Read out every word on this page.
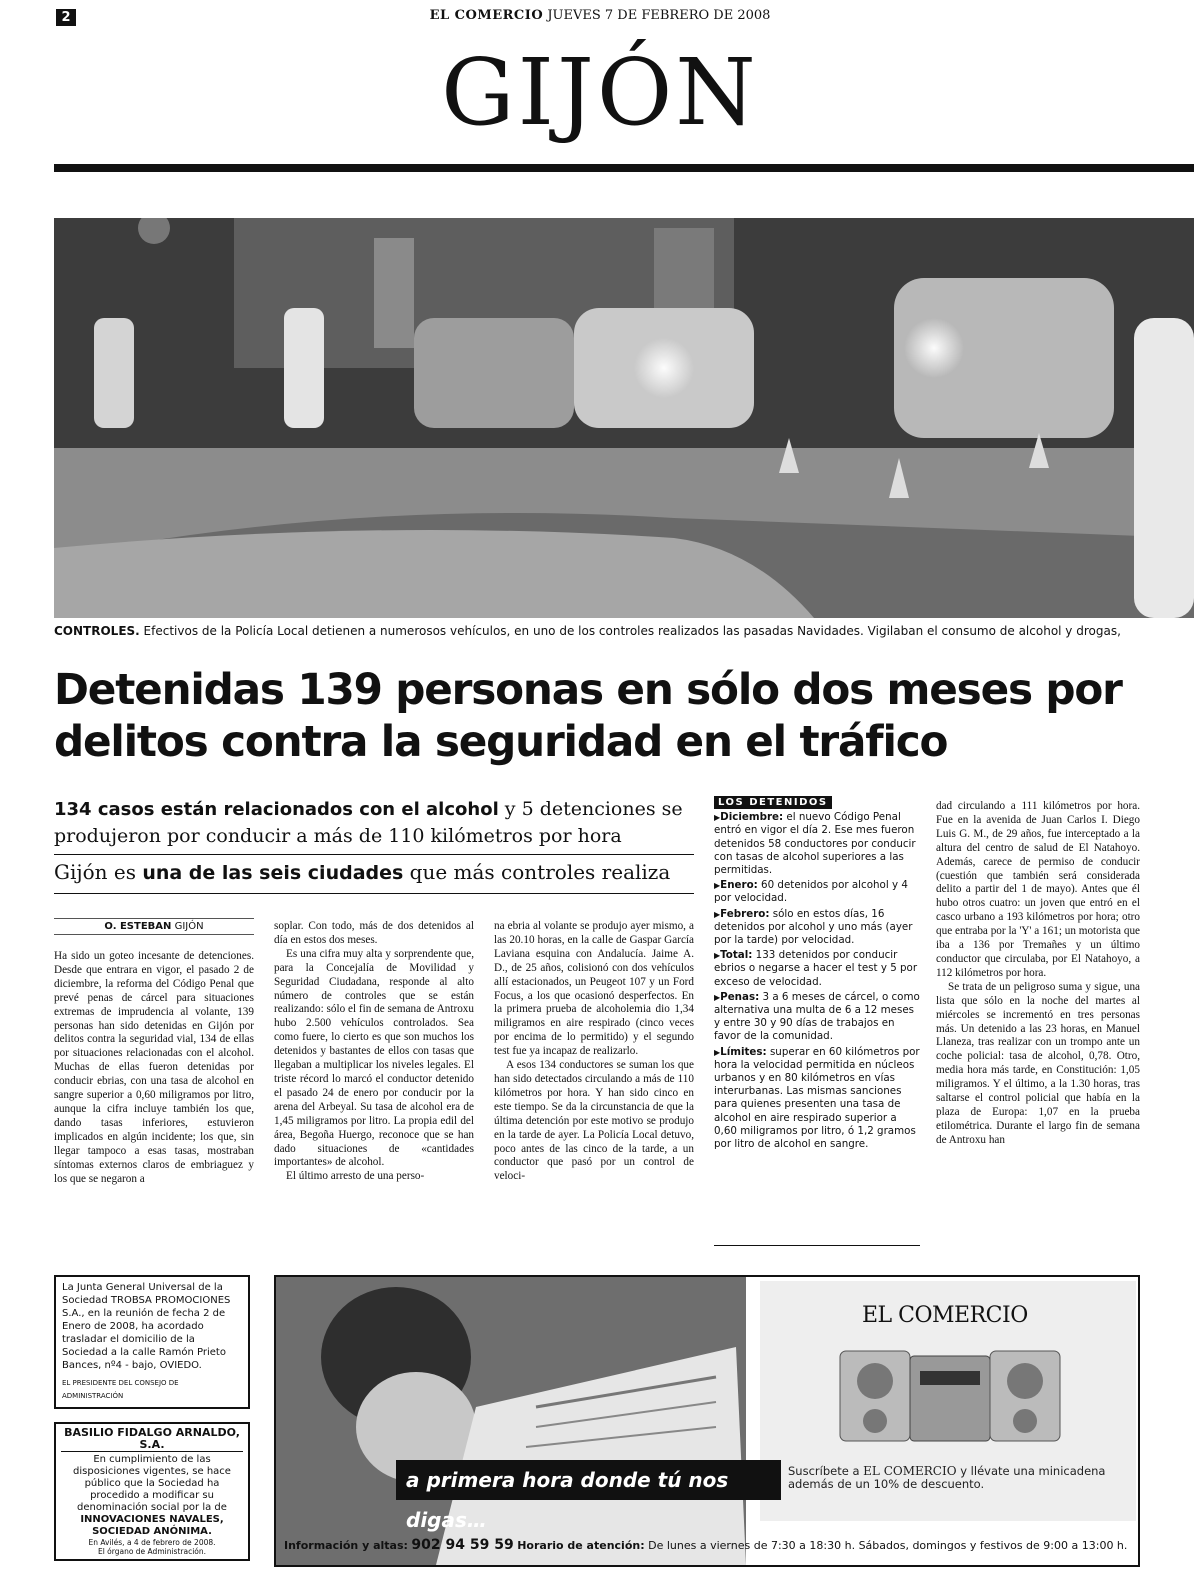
2	EL COMERCIO JUEVES 7 DE FEBRERO DE 2008
GIJÓN
CONTROLES. Efectivos de la Policía Local detienen a numerosos vehículos, en uno de los controles realizados las pasadas Navidades. Vigilaban el consumo de alcohol y drogas,
Detenidas 139 personas en sólo dos meses por delitos contra la seguridad en el tráfico
134 casos están relacionados con el alcohol y 5 detenciones se produjeron por conducir a más de 110 kilómetros por hora
Gijón es una de las seis ciudades que más controles realiza
O. ESTEBAN GIJÓN

Ha sido un goteo incesante de detenciones. Desde que entrara en vigor, el pasado 2 de diciembre, la reforma del Código Penal que prevé penas de cárcel para situaciones extremas de imprudencia al volante, 139 personas han sido detenidas en Gijón por delitos contra la seguridad vial, 134 de ellas por situaciones relacionadas con el alcohol. Muchas de ellas fueron detenidas por conducir ebrias, con una tasa de alcohol en sangre superior a 0,60 miligramos por litro, aunque la cifra incluye también los que, dando tasas inferiores, estuvieron implicados en algún incidente; los que, sin llegar tampoco a esas tasas, mostraban síntomas externos claros de embriaguez y los que se negaron a

soplar. Con todo, más de dos detenidos al día en estos dos meses.

Es una cifra muy alta y sorprendente que, para la Concejalía de Movilidad y Seguridad Ciudadana, responde al alto número de controles que se están realizando: sólo el fin de semana de Antroxu hubo 2.500 vehículos controlados. Sea como fuere, lo cierto es que son muchos los detenidos y bastantes de ellos con tasas que llegaban a multiplicar los niveles legales. El triste récord lo marcó el conductor detenido el pasado 24 de enero por conducir por la arena del Arbeyal. Su tasa de alcohol era de 1,45 miligramos por litro. La propia edil del área, Begoña Huergo, reconoce que se han dado situaciones de «cantidades importantes» de alcohol.

El último arresto de una perso-

na ebria al volante se produjo ayer mismo, a las 20.10 horas, en la calle de Gaspar García Laviana esquina con Andalucía. Jaime A. D., de 25 años, colisionó con dos vehículos allí estacionados, un Peugeot 107 y un Ford Focus, a los que ocasionó desperfectos. En la primera prueba de alcoholemia dio 1,34 miligramos en aire respirado (cinco veces por encima de lo permitido) y el segundo test fue ya incapaz de realizarlo.

A esos 134 conductores se suman los que han sido detectados circulando a más de 110 kilómetros por hora. Y han sido cinco en este tiempo. Se da la circunstancia de que la última detención por este motivo se produjo en la tarde de ayer. La Policía Local detuvo, poco antes de las cinco de la tarde, a un conductor que pasó por un control de veloci-

dad circulando a 111 kilómetros por hora. Fue en la avenida de Juan Carlos I. Diego Luis G. M., de 29 años, fue interceptado a la altura del centro de salud de El Natahoyo. Además, carece de permiso de conducir (cuestión que también será considerada delito a partir del 1 de mayo). Antes que él hubo otros cuatro: un joven que entró en el casco urbano a 193 kilómetros por hora; otro que entraba por la 'Y' a 161; un motorista que iba a 136 por Tremañes y un último conductor que circulaba, por El Natahoyo, a 112 kilómetros por hora.

Se trata de un peligroso suma y sigue, una lista que sólo en la noche del martes al miércoles se incrementó en tres personas más. Un detenido a las 23 horas, en Manuel Llaneza, tras realizar con un trompo ante un coche policial: tasa de alcohol, 0,78. Otro, media hora más tarde, en Constitución: 1,05 miligramos. Y el último, a la 1.30 horas, tras saltarse el control policial que había en la plaza de Europa: 1,07 en la prueba etilométrica. Durante el largo fin de semana de Antroxu han

LOS DETENIDOS
▶Diciembre: el nuevo Código Penal entró en vigor el día 2. Ese mes fueron detenidos 58 conductores por conducir con tasas de alcohol superiores a las permitidas.
▶Enero: 60 detenidos por alcohol y 4 por velocidad.
▶Febrero: sólo en estos días, 16 detenidos por alcohol y uno más (ayer por la tarde) por velocidad.
▶Total: 133 detenidos por conducir ebrios o negarse a hacer el test y 5 por exceso de velocidad.
▶Penas: 3 a 6 meses de cárcel, o como alternativa una multa de 6 a 12 meses y entre 30 y 90 días de trabajos en favor de la comunidad.
▶Límites: superar en 60 kilómetros por hora la velocidad permitida en núcleos urbanos y en 80 kilómetros en vías interurbanas. Las mismas sanciones para quienes presenten una tasa de alcohol en aire respirado superior a 0,60 miligramos por litro, ó 1,2 gramos por litro de alcohol en sangre.
La Junta General Universal de la Sociedad TROBSA PROMOCIONES S.A., en la reunión de fecha 2 de Enero de 2008, ha acordado trasladar el domicilio de la Sociedad a la calle Ramón Prieto Bances, nº4 - bajo, OVIEDO.
EL PRESIDENTE DEL CONSEJO DE ADMINISTRACIÓN
BASILIO FIDALGO ARNALDO, S.A.
En cumplimiento de las disposiciones vigentes, se hace público que la Sociedad ha procedido a modificar su denominación social por la de
INNOVACIONES NAVALES, SOCIEDAD ANÓNIMA.
En Avilés, a 4 de febrero de 2008.
El órgano de Administración.
EL COMERCIO
a primera hora donde tú nos digas…
Suscríbete a EL COMERCIO y llévate una minicadena además de un 10% de descuento.
Información y altas: 902 94 59 59 Horario de atención: De lunes a viernes de 7:30 a 18:30 h. Sábados, domingos y festivos de 9:00 a 13:00 h.
